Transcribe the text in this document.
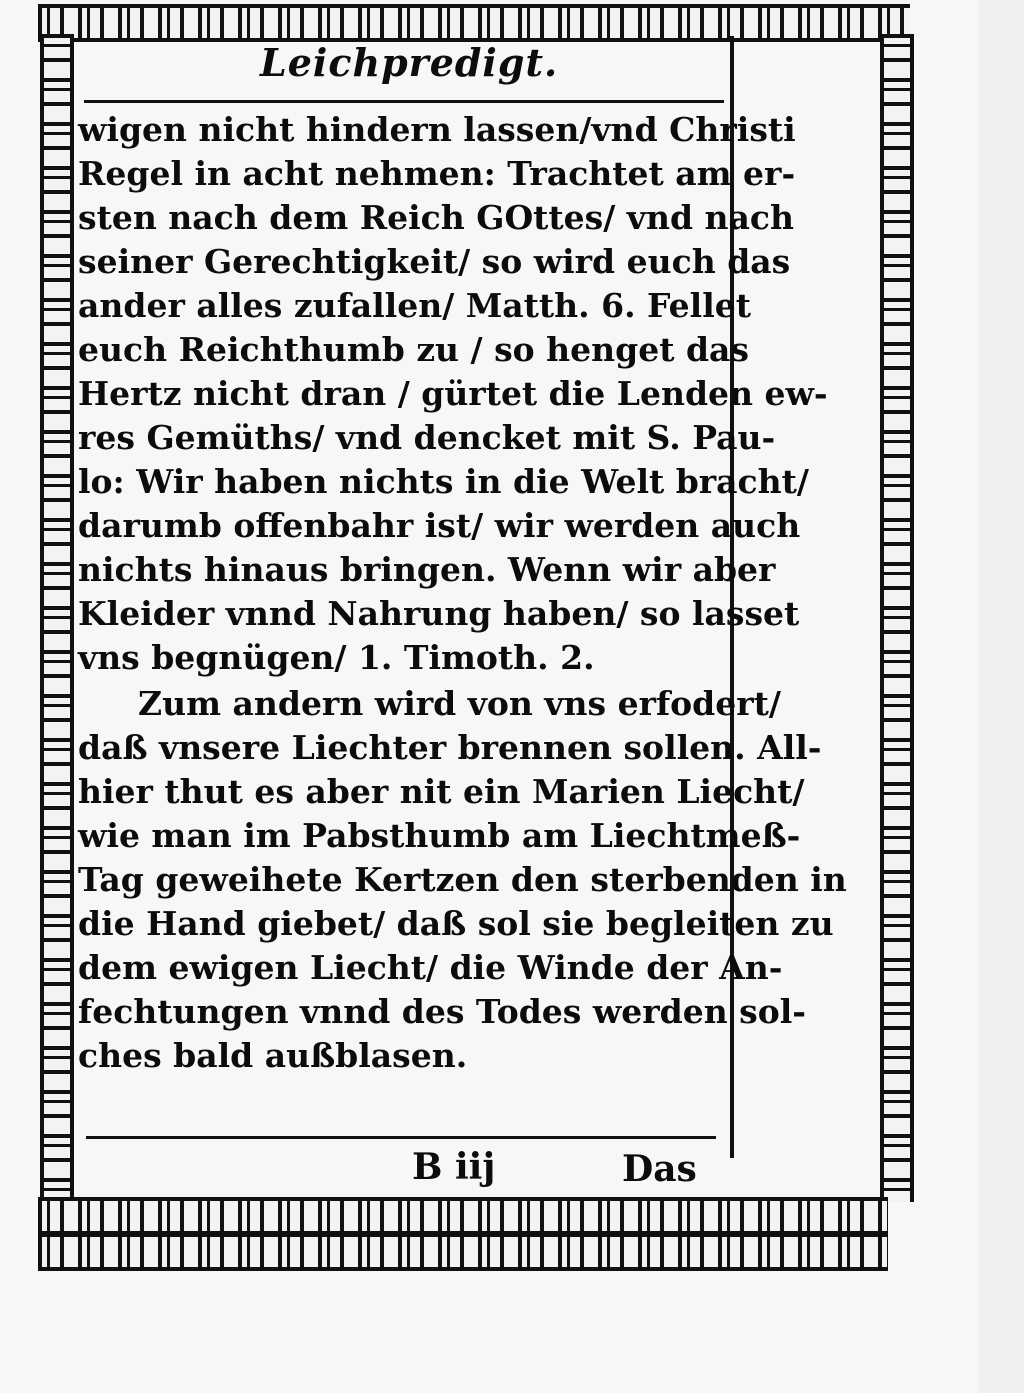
Leichpredigt.
wigen nicht hindern lassen/vnd Christi
Regel in acht nehmen: Trachtet am er-
sten nach dem Reich GOttes/ vnd nach
seiner Gerechtigkeit/ so wird euch das
ander alles zufallen/ Matth. 6. Fellet
euch Reichthumb zu / so henget das
Hertz nicht dran / gürtet die Lenden ew-
res Gemüths/ vnd dencket mit S. Pau-
lo: Wir haben nichts in die Welt bracht/
darumb offenbahr ist/ wir werden auch
nichts hinaus bringen. Wenn wir aber
Kleider vnnd Nahrung haben/ so lasset
vns begnügen/ 1. Timoth. 2.
Zum andern wird von vns erfodert/
daß vnsere Liechter brennen sollen. All-
hier thut es aber nit ein Marien Liecht/
wie man im Pabsthumb am Liechtmeß-
Tag geweihete Kertzen den sterbenden in
die Hand giebet/ daß sol sie begleiten zu
dem ewigen Liecht/ die Winde der An-
fechtungen vnnd des Todes werden sol-
ches bald außblasen.
B iij	Das
